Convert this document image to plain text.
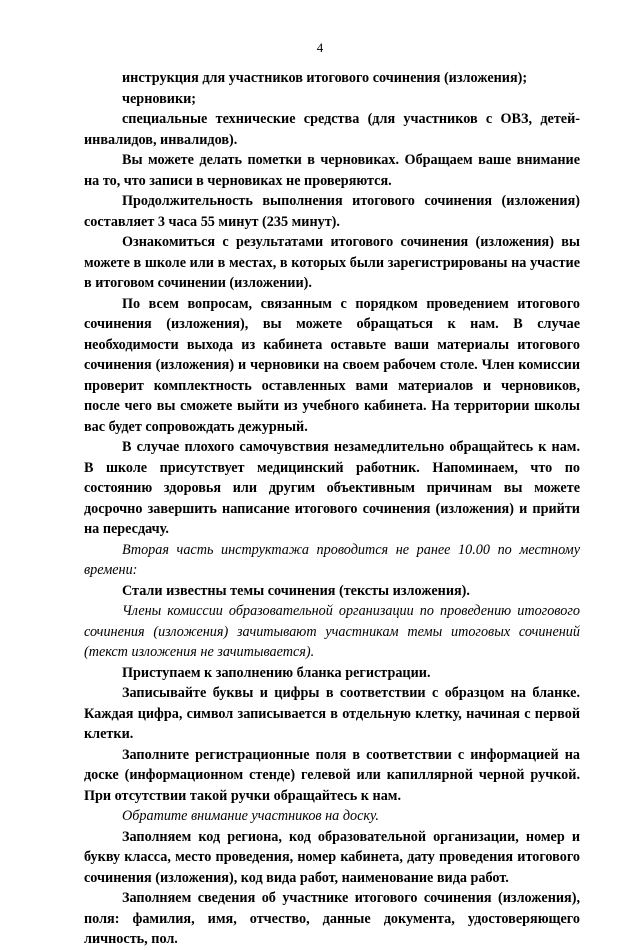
4

инструкция для участников итогового сочинения (изложения);

черновики;

специальные технические средства (для участников с ОВЗ, детей-инвалидов, инвалидов).

Вы можете делать пометки в черновиках. Обращаем ваше внимание на то, что записи в черновиках не проверяются.

Продолжительность выполнения итогового сочинения (изложения) составляет 3 часа 55 минут (235 минут).

Ознакомиться с результатами итогового сочинения (изложения) вы можете в школе или в местах, в которых были зарегистрированы на участие в итоговом сочинении (изложении).

По всем вопросам, связанным с порядком проведением итогового сочинения (изложения), вы можете обращаться к нам. В случае необходимости выхода из кабинета оставьте ваши материалы итогового сочинения (изложения) и черновики на своем рабочем столе. Член комиссии проверит комплектность оставленных вами материалов и черновиков, после чего вы сможете выйти из учебного кабинета. На территории школы вас будет сопровождать дежурный.

В случае плохого самочувствия незамедлительно обращайтесь к нам. В школе присутствует медицинский работник. Напоминаем, что по состоянию здоровья или другим объективным причинам вы можете досрочно завершить написание итогового сочинения (изложения) и прийти на пересдачу.

Вторая часть инструктажа проводится не ранее 10.00 по местному времени:

Стали известны темы сочинения (тексты изложения).

Члены комиссии образовательной организации по проведению итогового сочинения (изложения) зачитывают участникам темы итоговых сочинений (текст изложения не зачитывается).

Приступаем к заполнению бланка регистрации.

Записывайте буквы и цифры в соответствии с образцом на бланке. Каждая цифра, символ записывается в отдельную клетку, начиная с первой клетки.

Заполните регистрационные поля в соответствии с информацией на доске (информационном стенде) гелевой или капиллярной черной ручкой. При отсутствии такой ручки обращайтесь к нам.

Обратите внимание участников на доску.

Заполняем код региона, код образовательной организации, номер и букву класса, место проведения, номер кабинета, дату проведения итогового сочинения (изложения), код вида работ, наименование вида работ.

Заполняем сведения об участнике итогового сочинения (изложения), поля: фамилия, имя, отчество, данные документа, удостоверяющего личность, пол.
